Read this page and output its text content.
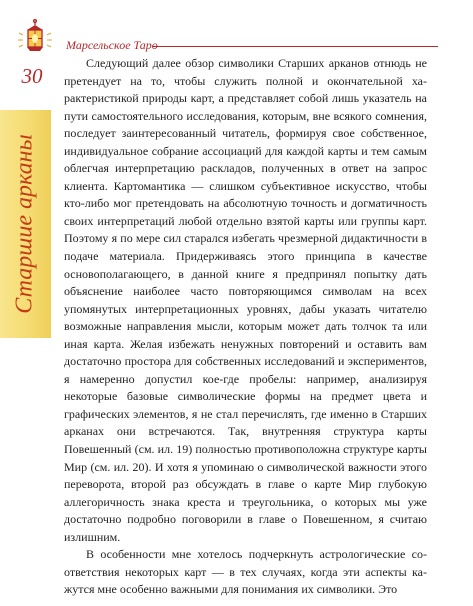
Марсельское Таро
30
Старшие арканы

Следующий далее обзор символики Старших арканов отнюдь не претендует на то, чтобы служить полной и окончательной характеристикой природы карт, а представляет собой лишь указатель на пути самостоятельного исследования, которым, вне всякого сомнения, последует заинтересованный читатель, формируя свое собственное, индивидуальное собрание ассоциаций для каждой карты и тем самым облегчая интерпретацию раскладов, полученных в ответ на запрос клиента. Картомантика — слишком субъективное искусство, чтобы кто-либо мог претендовать на абсолютную точность и догматичность своих интерпретаций любой отдельно взятой карты или группы карт. Поэтому я по мере сил старался избегать чрезмерной дидактичности в подаче материала. Придерживаясь этого принципа в качестве основополагающего, в данной книге я предпринял попытку дать объяснение наиболее часто повторяющимся символам на всех упомянутых интерпретационных уровнях, дабы указать читателю возможные направления мысли, которым может дать толчок та или иная карта. Желая избежать ненужных повторений и оставить вам достаточно простора для собственных исследований и экспериментов, я намеренно допустил кое-где пробелы: например, анализируя некоторые базовые символические формы на предмет цвета и графических элементов, я не стал перечислять, где именно в Старших арканах они встречаются. Так, внутренняя структура карты Повешенный (см. ил. 19) полностью противоположна структуре карты Мир (см. ил. 20). И хотя я упоминаю о символической важности этого переворота, второй раз обсуждать в главе о карте Мир глубокую аллегоричность знака креста и треугольника, о которых мы уже достаточно подробно поговорили в главе о Повешенном, я считаю излишним.

В особенности мне хотелось подчеркнуть астрологические соответствия некоторых карт — в тех случаях, когда эти аспекты кажутся мне особенно важными для понимания их символики. Это
